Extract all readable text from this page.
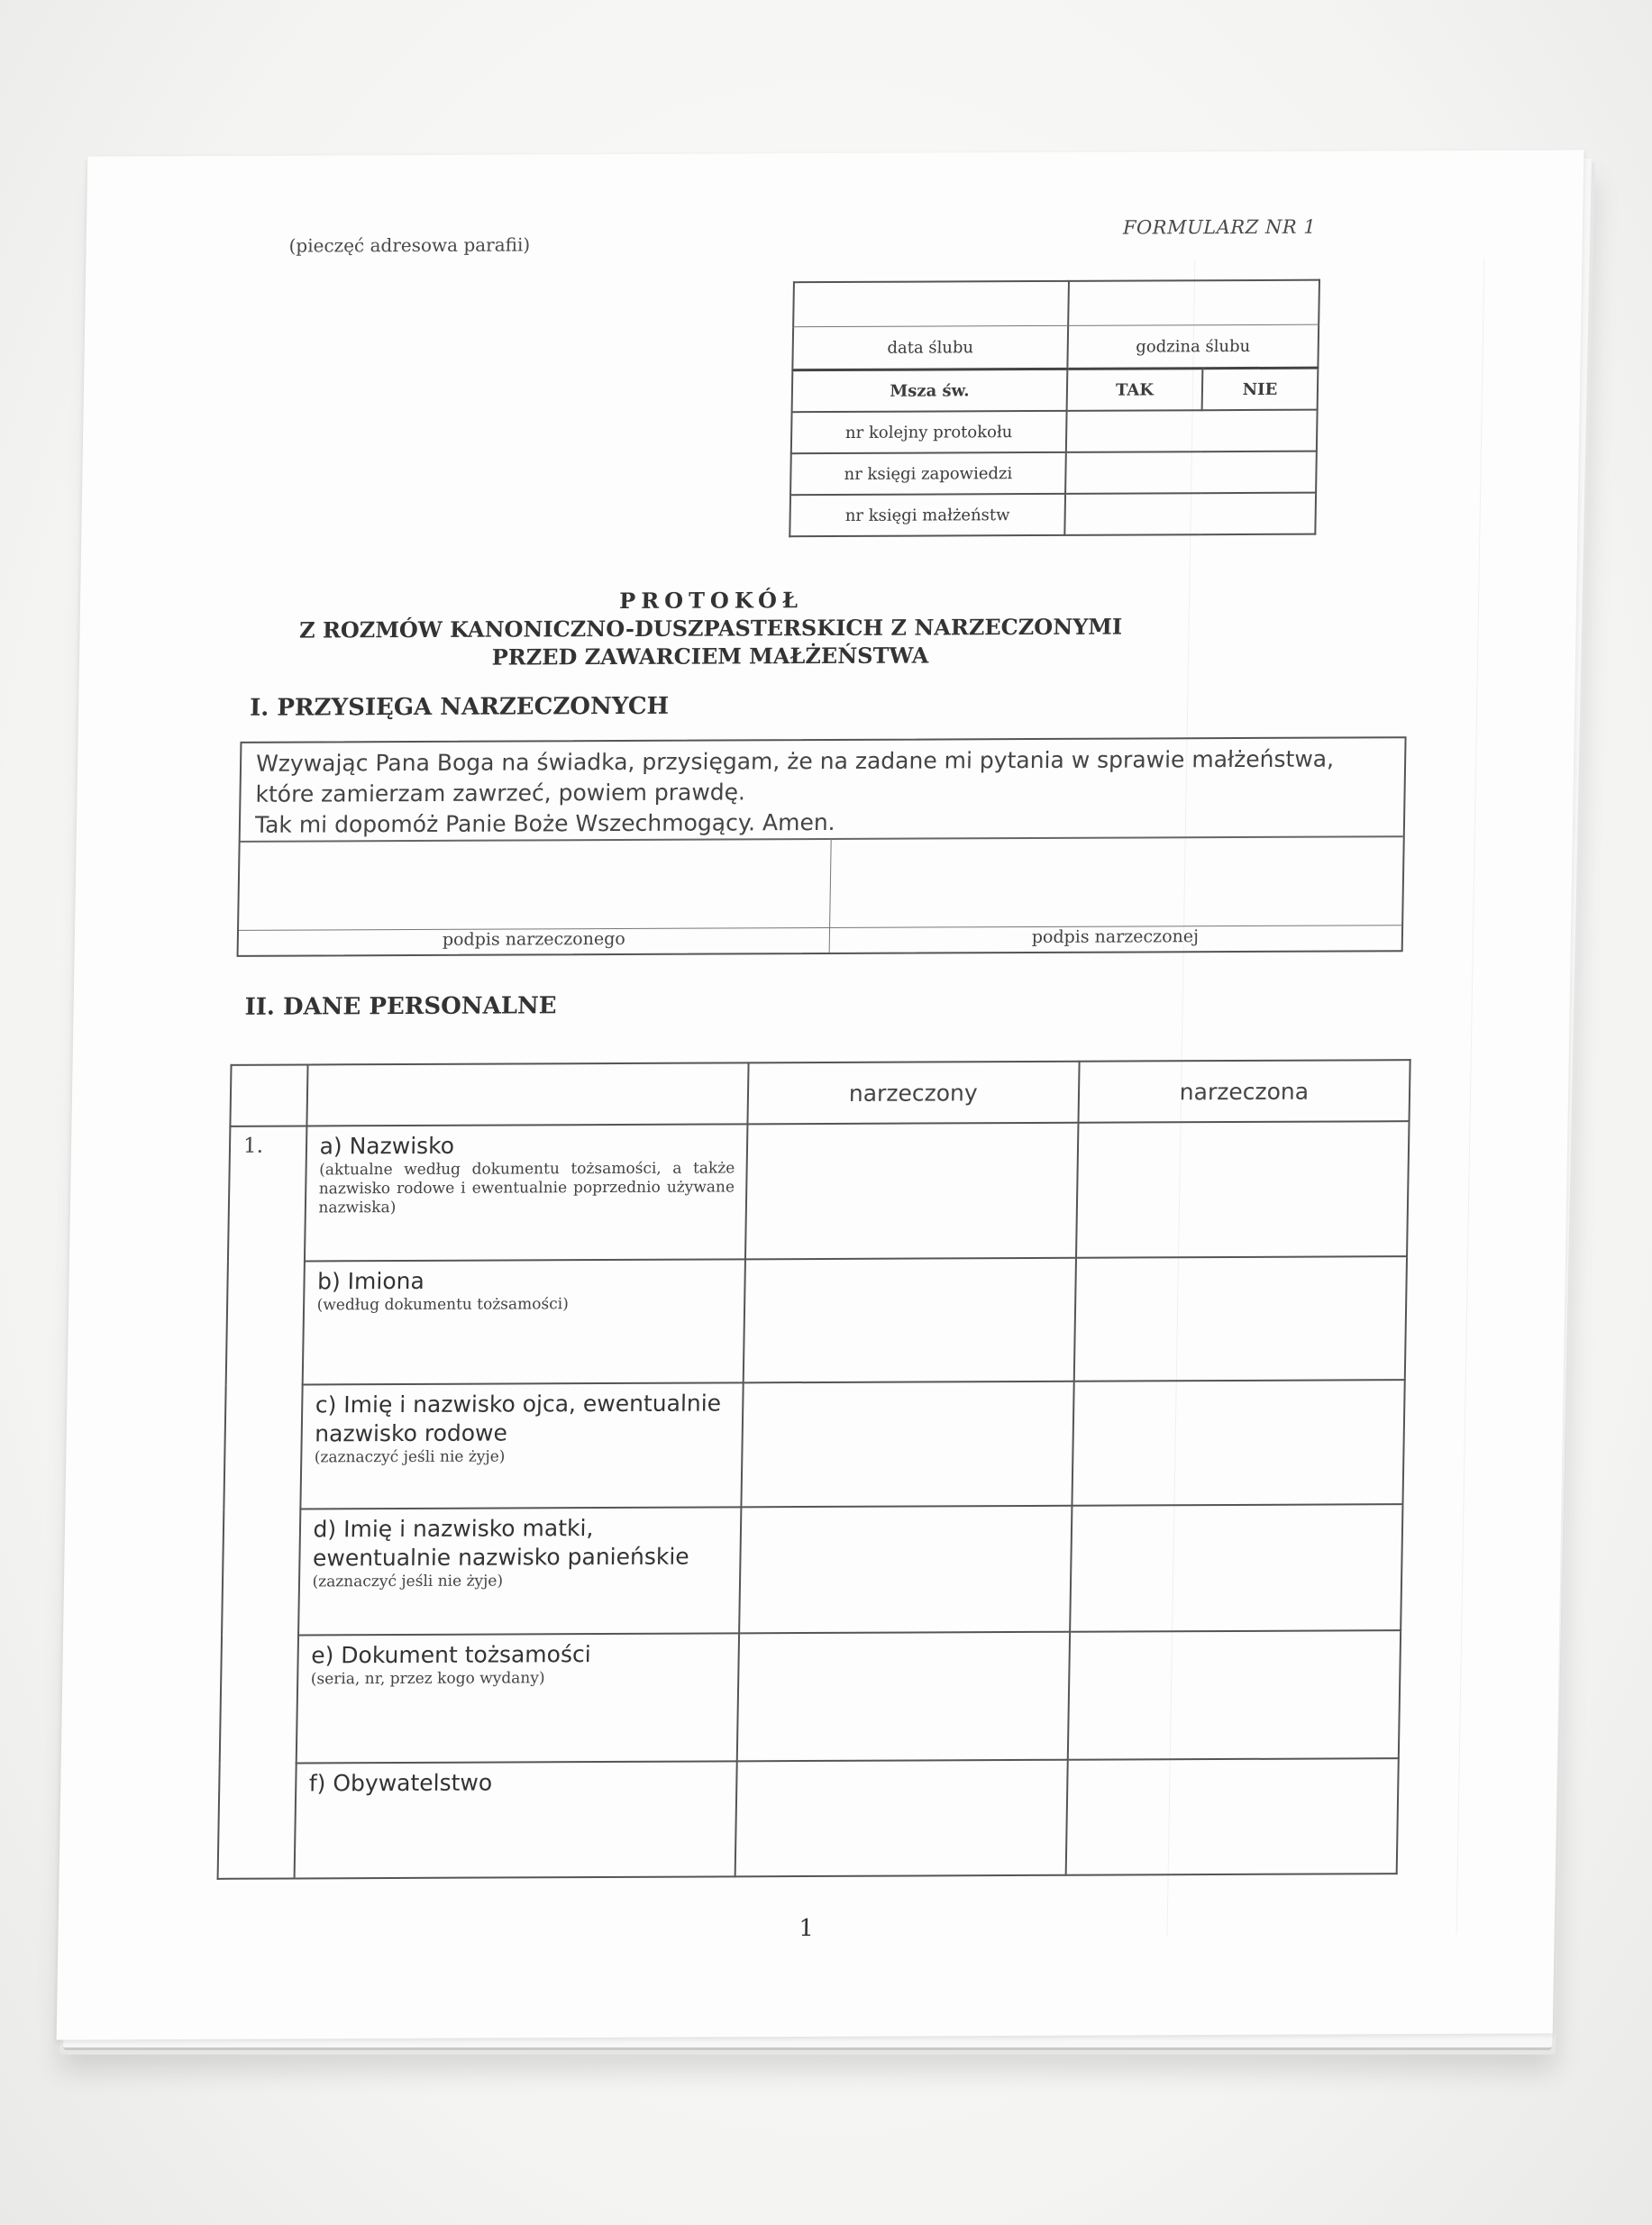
(pieczęć adresowa parafii)
FORMULARZ NR 1

data ślubu	godzina ślubu	
Msza św.	TAK	NIE
nr kolejny protokołu		
nr księgi zapowiedzi		
nr księgi małżeństw		
PROTOKÓŁ
Z ROZMÓW KANONICZNO-DUSZPASTERSKICH Z NARZECZONYMI
PRZED ZAWARCIEM MAŁŻEŃSTWA
I. PRZYSIĘGA NARZECZONYCH
Wzywając Pana Boga na świadka, przysięgam, że na zadane mi pytania w sprawie małżeństwa,
które zamierzam zawrzeć, powiem prawdę.
Tak mi dopomóż Panie Boże Wszechmogący. Amen.
podpis narzeczonego	podpis narzeczonej
II. DANE PERSONALNE
		narzeczony	narzeczona
1.	a) Nazwisko
(aktualne według dokumentu tożsamości, a także nazwisko rodowe i ewentualnie poprzednio używane nazwiska)		

	b) Imiona
(według dokumentu tożsamości)		

	c) Imię i nazwisko ojca, ewentualnie nazwisko rodowe
(zaznaczyć jeśli nie żyje)		

	d) Imię i nazwisko matki, ewentualnie nazwisko panieńskie
(zaznaczyć jeśli nie żyje)		

	e) Dokument tożsamości
(seria, nr, przez kogo wydany)		

	f) Obywatelstwo		

1
